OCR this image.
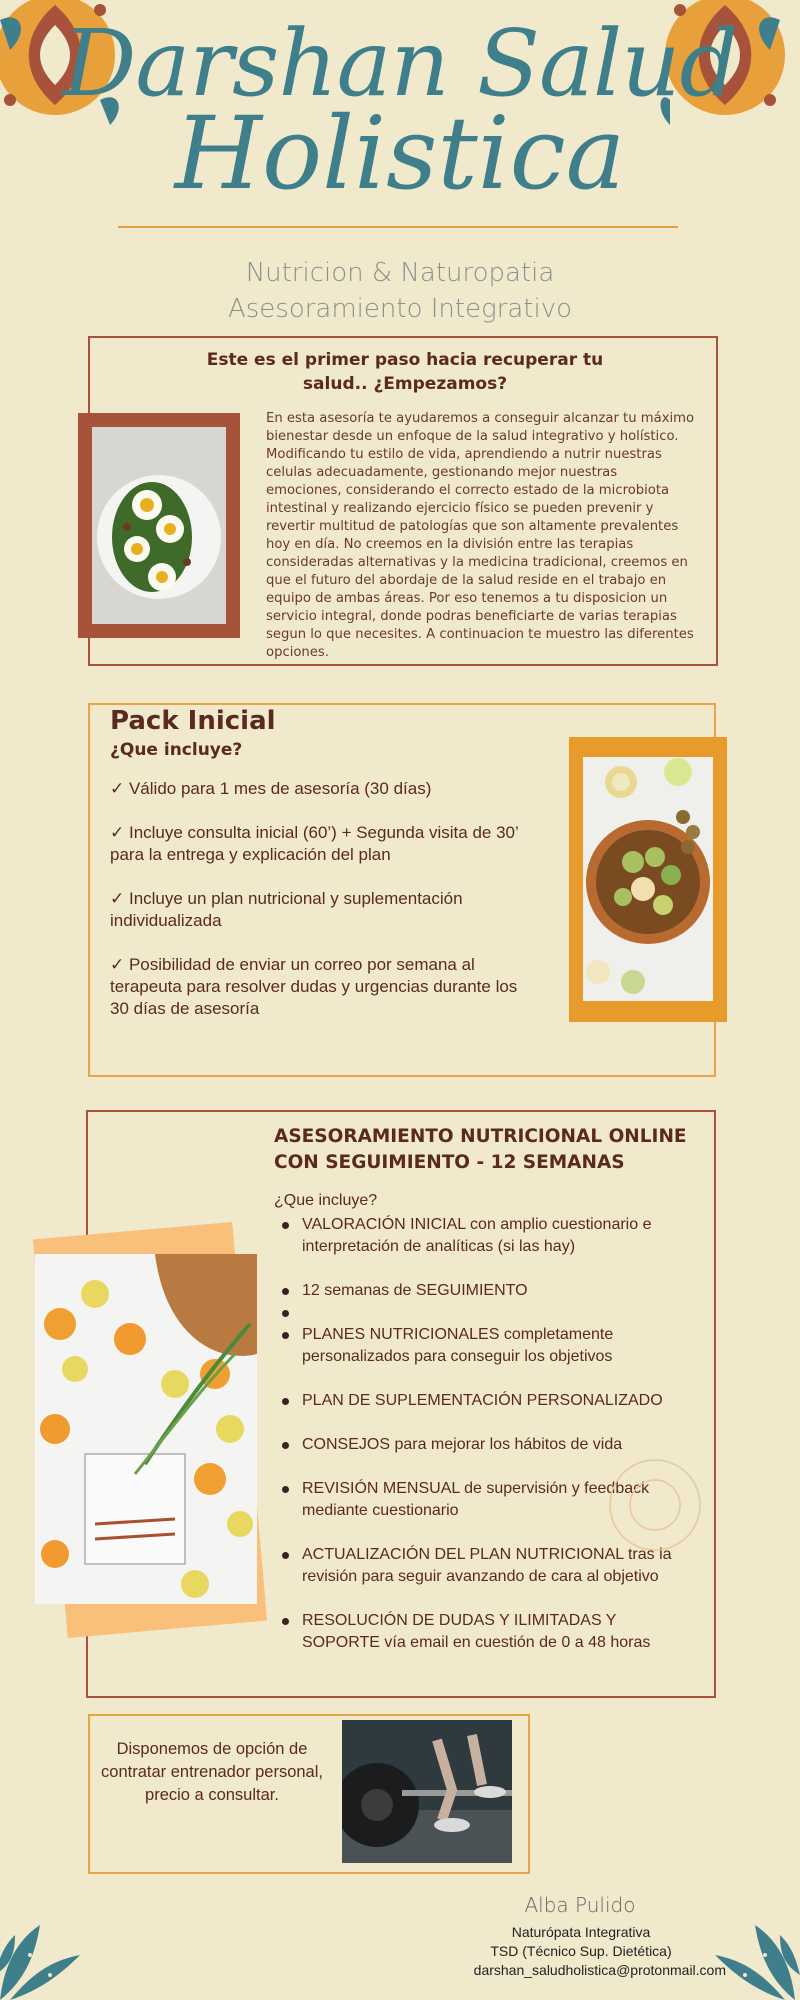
Darshan Salud
Holistica
Nutricion & Naturopatia
Asesoramiento Integrativo
Este es el primer paso hacia recuperar tu salud.. ¿Empezamos?
En esta asesoría te ayudaremos a conseguir alcanzar tu máximo bienestar desde un enfoque de la salud integrativo y holístico. Modificando tu estilo de vida, aprendiendo a nutrir nuestras celulas adecuadamente, gestionando mejor nuestras emociones, considerando el correcto estado de la microbiota intestinal y realizando ejercicio físico se pueden prevenir y revertir multitud de patologías que son altamente prevalentes hoy en día. No creemos en la división entre las terapias consideradas alternativas y la medicina tradicional, creemos en que el futuro del abordaje de la salud reside en el trabajo en equipo de ambas áreas. Por eso tenemos a tu disposicion un servicio integral, donde podras beneficiarte de varias terapias segun lo que necesites. A continuacion te muestro las diferentes opciones.
Pack Inicial
¿Que incluye?
✓ Válido para 1 mes de asesoría (30 días)
✓ Incluye consulta inicial (60’) + Segunda visita de 30’ para la entrega y explicación del plan
✓ Incluye un plan nutricional y suplementación individualizada
✓ Posibilidad de enviar un correo por semana al terapeuta para resolver dudas y urgencias durante los 30 días de asesoría
ASESORAMIENTO NUTRICIONAL ONLINE CON SEGUIMIENTO - 12 SEMANAS
¿Que incluye?
VALORACIÓN INICIAL con amplio cuestionario e interpretación de analíticas (si las hay)
12 semanas de SEGUIMIENTO
PLANES NUTRICIONALES completamente personalizados para conseguir los objetivos
PLAN DE SUPLEMENTACIÓN PERSONALIZADO
CONSEJOS para mejorar los hábitos de vida
REVISIÓN MENSUAL de supervisión y feedback mediante cuestionario
ACTUALIZACIÓN DEL PLAN NUTRICIONAL tras la revisión para seguir avanzando de cara al objetivo
RESOLUCIÓN DE DUDAS Y ILIMITADAS Y SOPORTE vía email en cuestión de 0 a 48 horas
Disponemos de opción de contratar entrenador personal, precio a consultar.
Alba Pulido
Naturópata Integrativa
TSD (Técnico Sup. Dietética)
darshan_saludholistica@protonmail.com
